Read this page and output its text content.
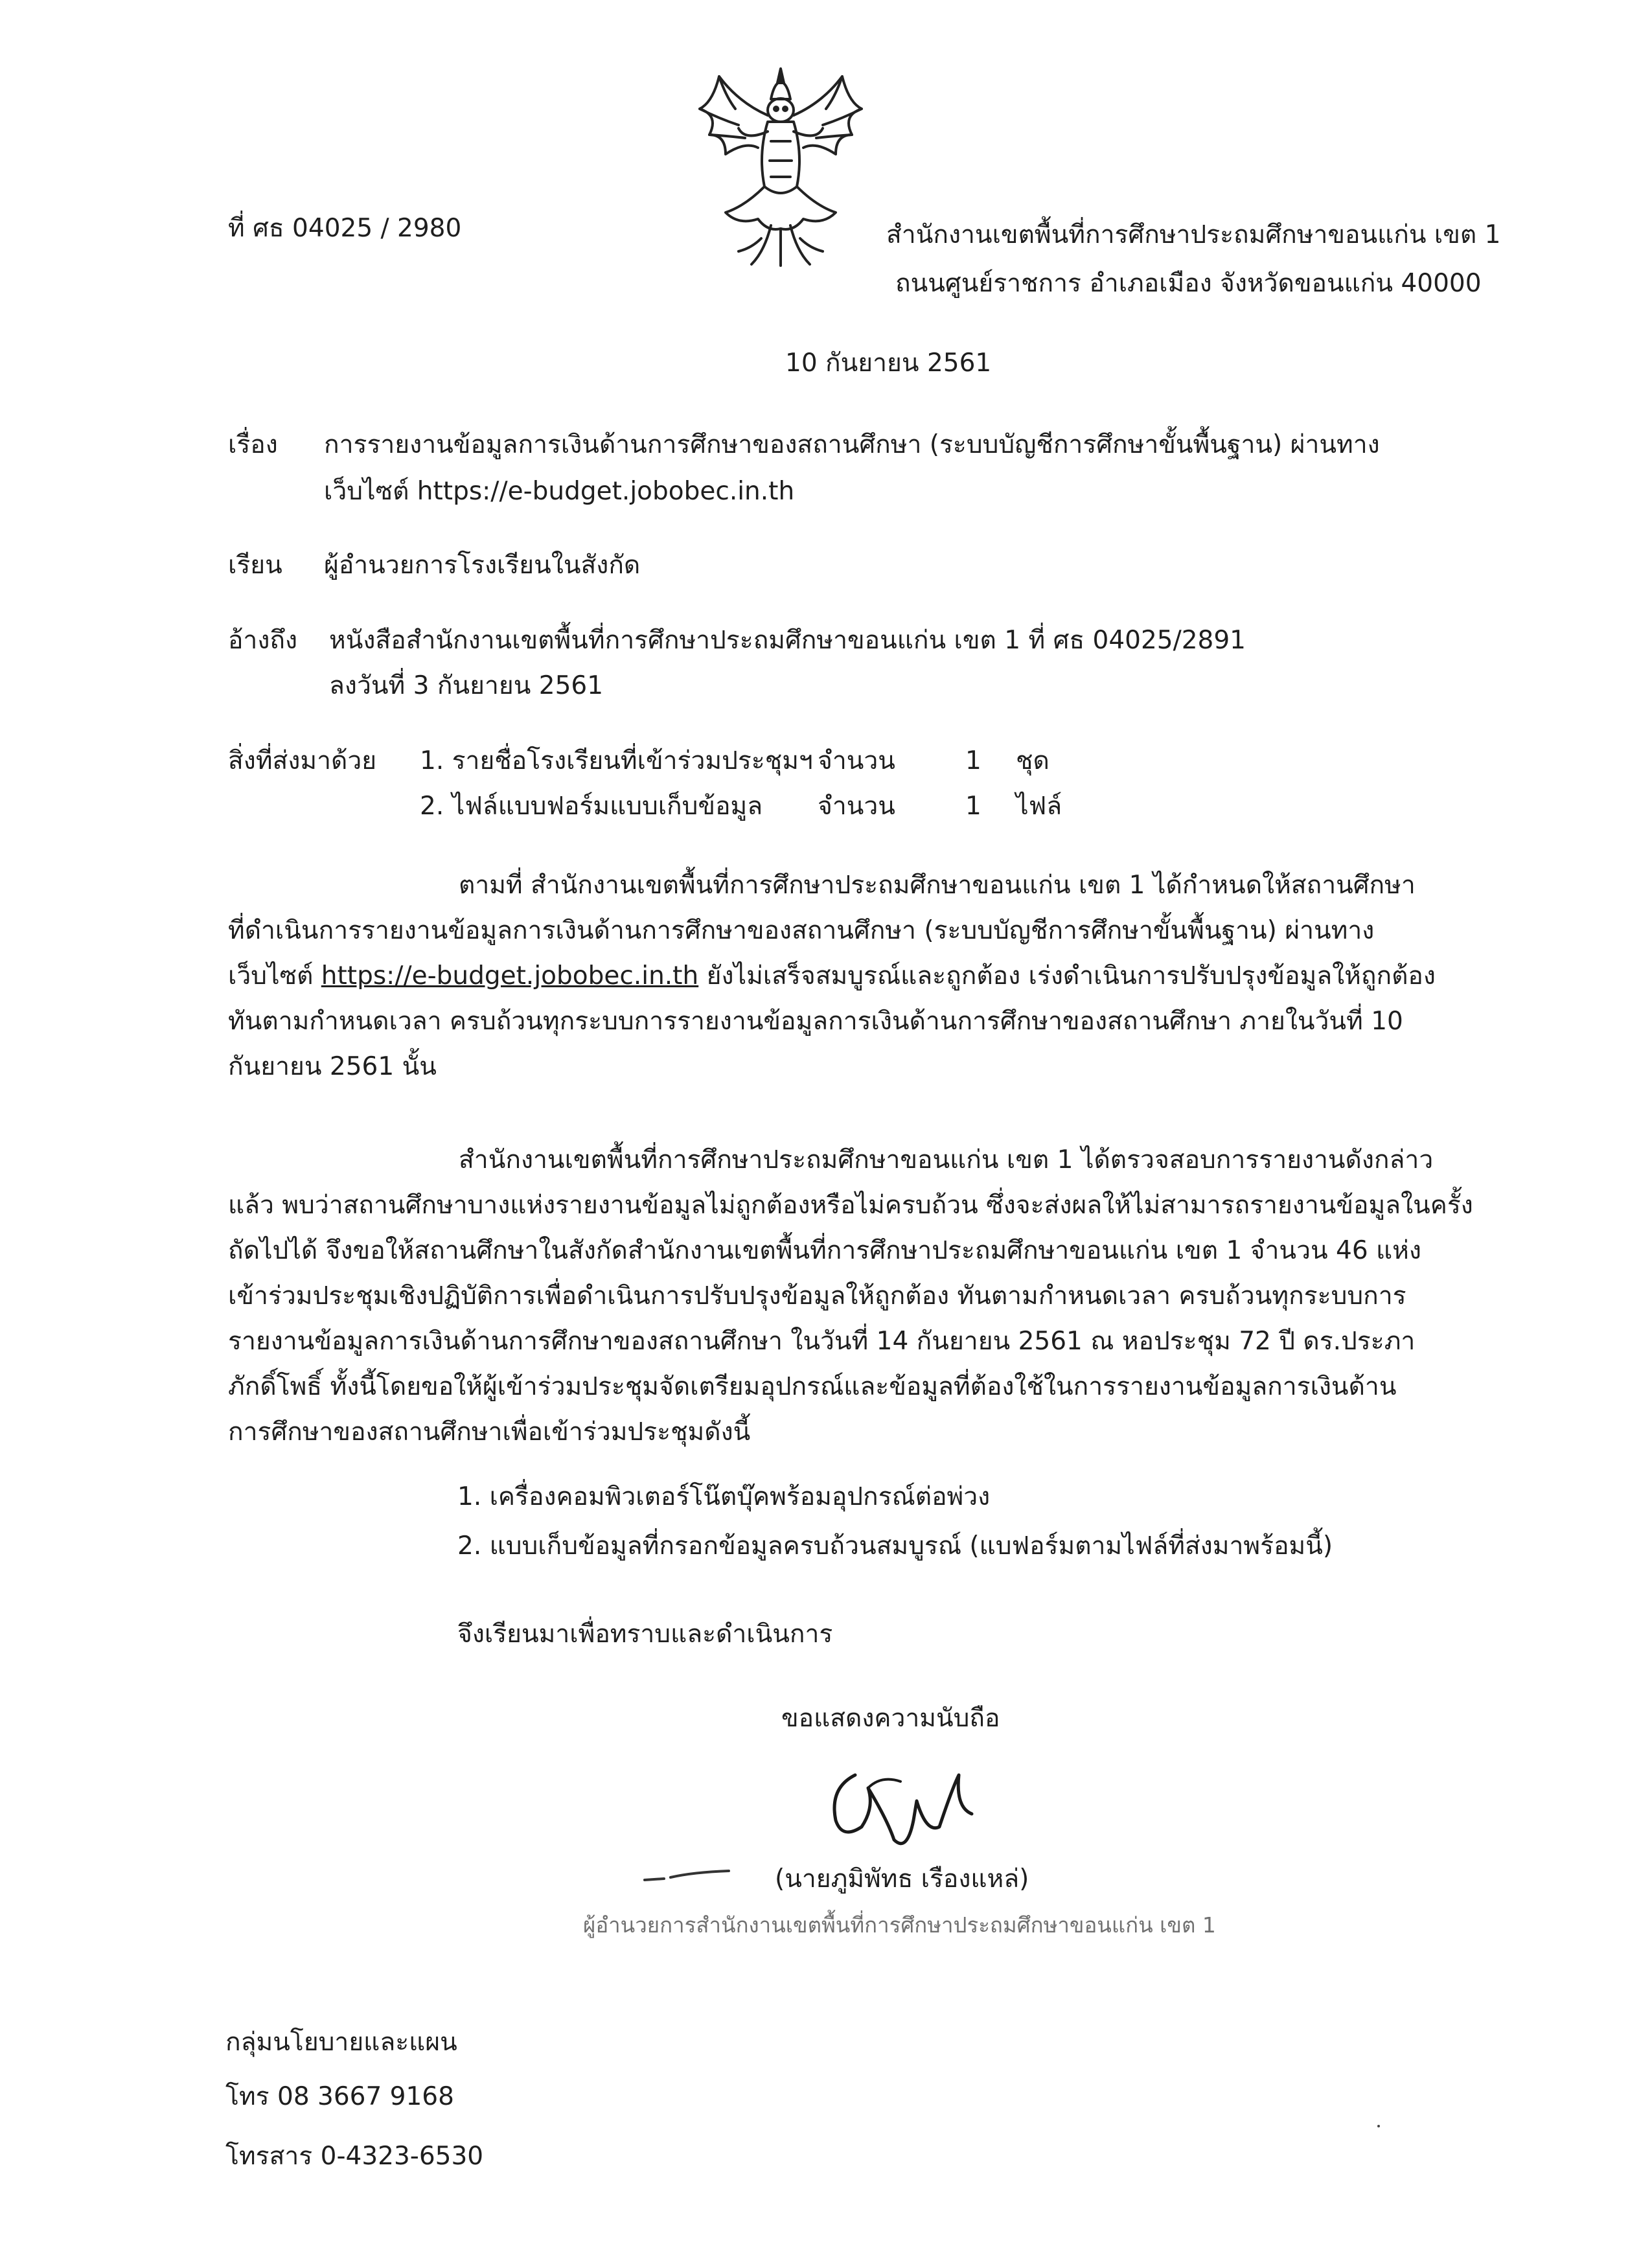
ที่ ศธ 04025 / 2980	สำนักงานเขตพื้นที่การศึกษาประถมศึกษาขอนแก่น เขต 1
ถนนศูนย์ราชการ อำเภอเมือง จังหวัดขอนแก่น 40000
10 กันยายน 2561
เรื่อง การรายงานข้อมูลการเงินด้านการศึกษาของสถานศึกษา (ระบบบัญชีการศึกษาขั้นพื้นฐาน) ผ่านทาง
เว็บไซต์ https://e-budget.jobobec.in.th
เรียน ผู้อำนวยการโรงเรียนในสังกัด
อ้างถึง หนังสือสำนักงานเขตพื้นที่การศึกษาประถมศึกษาขอนแก่น เขต 1 ที่ ศธ 04025/2891
ลงวันที่ 3 กันยายน 2561
สิ่งที่ส่งมาด้วย 1. รายชื่อโรงเรียนที่เข้าร่วมประชุมฯ จำนวน	1 ชุด
2. ไฟล์แบบฟอร์มแบบเก็บข้อมูล จำนวน	1 ไฟล์
ตามที่ สำนักงานเขตพื้นที่การศึกษาประถมศึกษาขอนแก่น เขต 1 ได้กำหนดให้สถานศึกษา
ที่ดำเนินการรายงานข้อมูลการเงินด้านการศึกษาของสถานศึกษา (ระบบบัญชีการศึกษาขั้นพื้นฐาน) ผ่านทาง
เว็บไซต์ https://e-budget.jobobec.in.th ยังไม่เสร็จสมบูรณ์และถูกต้อง เร่งดำเนินการปรับปรุงข้อมูลให้ถูกต้อง
ทันตามกำหนดเวลา ครบถ้วนทุกระบบการรายงานข้อมูลการเงินด้านการศึกษาของสถานศึกษา ภายในวันที่ 10
กันยายน 2561 นั้น
สำนักงานเขตพื้นที่การศึกษาประถมศึกษาขอนแก่น เขต 1 ได้ตรวจสอบการรายงานดังกล่าว
แล้ว พบว่าสถานศึกษาบางแห่งรายงานข้อมูลไม่ถูกต้องหรือไม่ครบถ้วน ซึ่งจะส่งผลให้ไม่สามารถรายงานข้อมูลในครั้ง
ถัดไปได้ จึงขอให้สถานศึกษาในสังกัดสำนักงานเขตพื้นที่การศึกษาประถมศึกษาขอนแก่น เขต 1 จำนวน 46 แห่ง
เข้าร่วมประชุมเชิงปฏิบัติการเพื่อดำเนินการปรับปรุงข้อมูลให้ถูกต้อง ทันตามกำหนดเวลา ครบถ้วนทุกระบบการ
รายงานข้อมูลการเงินด้านการศึกษาของสถานศึกษา ในวันที่ 14 กันยายน 2561 ณ หอประชุม 72 ปี ดร.ประภา
ภักดิ์โพธิ์ ทั้งนี้โดยขอให้ผู้เข้าร่วมประชุมจัดเตรียมอุปกรณ์และข้อมูลที่ต้องใช้ในการรายงานข้อมูลการเงินด้าน
การศึกษาของสถานศึกษาเพื่อเข้าร่วมประชุมดังนี้
1. เครื่องคอมพิวเตอร์โน๊ตบุ๊คพร้อมอุปกรณ์ต่อพ่วง
2. แบบเก็บข้อมูลที่กรอกข้อมูลครบถ้วนสมบูรณ์ (แบฟอร์มตามไฟล์ที่ส่งมาพร้อมนี้)
จึงเรียนมาเพื่อทราบและดำเนินการ
ขอแสดงความนับถือ
(นายภูมิพัทธ เรืองแหล่)
ผู้อำนวยการสำนักงานเขตพื้นที่การศึกษาประถมศึกษาขอนแก่น เขต 1
กลุ่มนโยบายและแผน
โทร 08 3667 9168
โทรสาร 0-4323-6530
